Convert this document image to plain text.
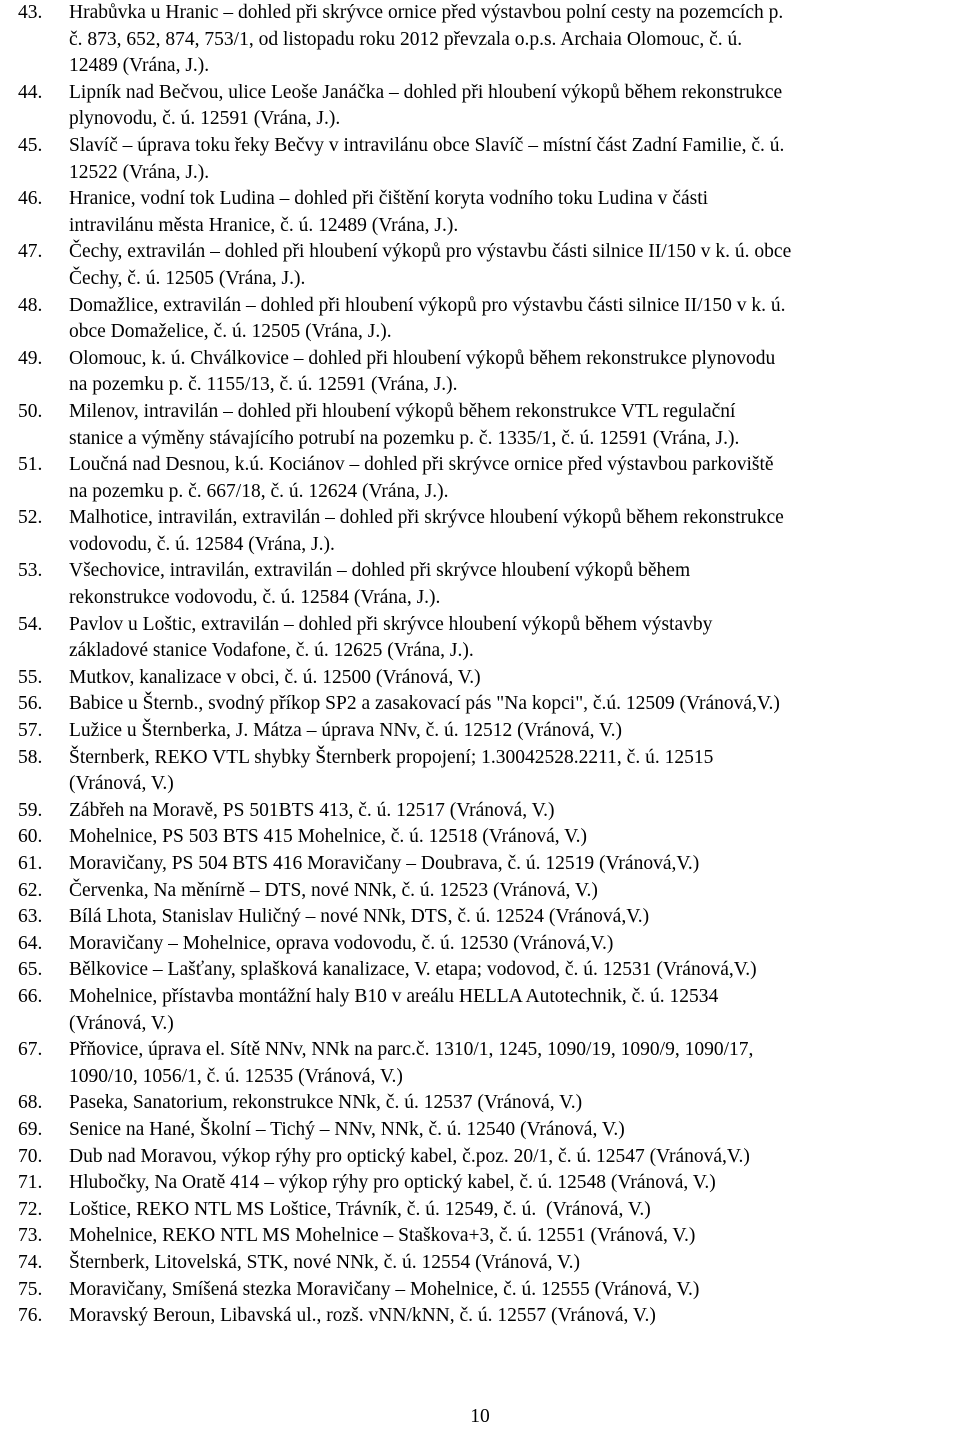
43.	Hrabůvka u Hranic – dohled při skrývce ornice před výstavbou polní cesty na pozemcích p.
č. 873, 652, 874, 753/1, od listopadu roku 2012 převzala o.p.s. Archaia Olomouc, č. ú.
12489 (Vrána, J.).
44.	Lipník nad Bečvou, ulice Leoše Janáčka – dohled při hloubení výkopů během rekonstrukce
plynovodu, č. ú. 12591 (Vrána, J.).
45.	Slavíč – úprava toku řeky Bečvy v intravilánu obce Slavíč – místní část Zadní Familie, č. ú.
12522 (Vrána, J.).
46.	Hranice, vodní tok Ludina – dohled při čištění koryta vodního toku Ludina v části
intravilánu města Hranice, č. ú. 12489 (Vrána, J.).
47.	Čechy, extravilán – dohled při hloubení výkopů pro výstavbu části silnice II/150 v k. ú. obce
Čechy, č. ú. 12505 (Vrána, J.).
48.	Domažlice, extravilán – dohled při hloubení výkopů pro výstavbu části silnice II/150 v k. ú.
obce Domaželice, č. ú. 12505 (Vrána, J.).
49.	Olomouc, k. ú. Chválkovice – dohled při hloubení výkopů během rekonstrukce plynovodu
na pozemku p. č. 1155/13, č. ú. 12591 (Vrána, J.).
50.	Milenov, intravilán – dohled při hloubení výkopů během rekonstrukce VTL regulační
stanice a výměny stávajícího potrubí na pozemku p. č. 1335/1, č. ú. 12591 (Vrána, J.).
51.	Loučná nad Desnou, k.ú. Kociánov – dohled při skrývce ornice před výstavbou parkoviště
na pozemku p. č. 667/18, č. ú. 12624 (Vrána, J.).
52.	Malhotice, intravilán, extravilán – dohled při skrývce hloubení výkopů během rekonstrukce
vodovodu, č. ú. 12584 (Vrána, J.).
53.	Všechovice, intravilán, extravilán – dohled při skrývce hloubení výkopů během
rekonstrukce vodovodu, č. ú. 12584 (Vrána, J.).
54.	Pavlov u Loštic, extravilán – dohled při skrývce hloubení výkopů během výstavby
základové stanice Vodafone, č. ú. 12625 (Vrána, J.).
55.	Mutkov, kanalizace v obci, č. ú. 12500 (Vránová, V.)
56.	Babice u Šternb., svodný příkop SP2 a zasakovací pás "Na kopci", č.ú. 12509 (Vránová,V.)
57.	Lužice u Šternberka, J. Mátza – úprava NNv, č. ú. 12512 (Vránová, V.)
58.	Šternberk, REKO VTL shybky Šternberk propojení; 1.30042528.2211, č. ú. 12515
(Vránová, V.)
59.	Zábřeh na Moravě, PS 501BTS 413, č. ú. 12517 (Vránová, V.)
60.	Mohelnice, PS 503 BTS 415 Mohelnice, č. ú. 12518 (Vránová, V.)
61.	Moravičany, PS 504 BTS 416 Moravičany – Doubrava, č. ú. 12519 (Vránová,V.)
62.	Červenka, Na měnírně – DTS, nové NNk, č. ú. 12523 (Vránová, V.)
63.	Bílá Lhota, Stanislav Huličný – nové NNk, DTS, č. ú. 12524 (Vránová,V.)
64.	Moravičany – Mohelnice, oprava vodovodu, č. ú. 12530 (Vránová,V.)
65.	Bělkovice – Lašťany, splašková kanalizace, V. etapa; vodovod, č. ú. 12531 (Vránová,V.)
66.	Mohelnice, přístavba montážní haly B10 v areálu HELLA Autotechnik, č. ú. 12534
(Vránová, V.)
67.	Přňovice, úprava el. Sítě NNv, NNk na parc.č. 1310/1, 1245, 1090/19, 1090/9, 1090/17,
1090/10, 1056/1, č. ú. 12535 (Vránová, V.)
68.	Paseka, Sanatorium, rekonstrukce NNk, č. ú. 12537 (Vránová, V.)
69.	Senice na Hané, Školní – Tichý – NNv, NNk, č. ú. 12540 (Vránová, V.)
70.	Dub nad Moravou, výkop rýhy pro optický kabel, č.poz. 20/1, č. ú. 12547 (Vránová,V.)
71.	Hlubočky, Na Oratě 414 – výkop rýhy pro optický kabel, č. ú. 12548 (Vránová, V.)
72.	Loštice, REKO NTL MS Loštice, Trávník, č. ú. 12549, č. ú.  (Vránová, V.)
73.	Mohelnice, REKO NTL MS Mohelnice – Staškova+3, č. ú. 12551 (Vránová, V.)
74.	Šternberk, Litovelská, STK, nové NNk, č. ú. 12554 (Vránová, V.)
75.	Moravičany, Smíšená stezka Moravičany – Mohelnice, č. ú. 12555 (Vránová, V.)
76.	Moravský Beroun, Libavská ul., rozš. vNN/kNN, č. ú. 12557 (Vránová, V.)
10
